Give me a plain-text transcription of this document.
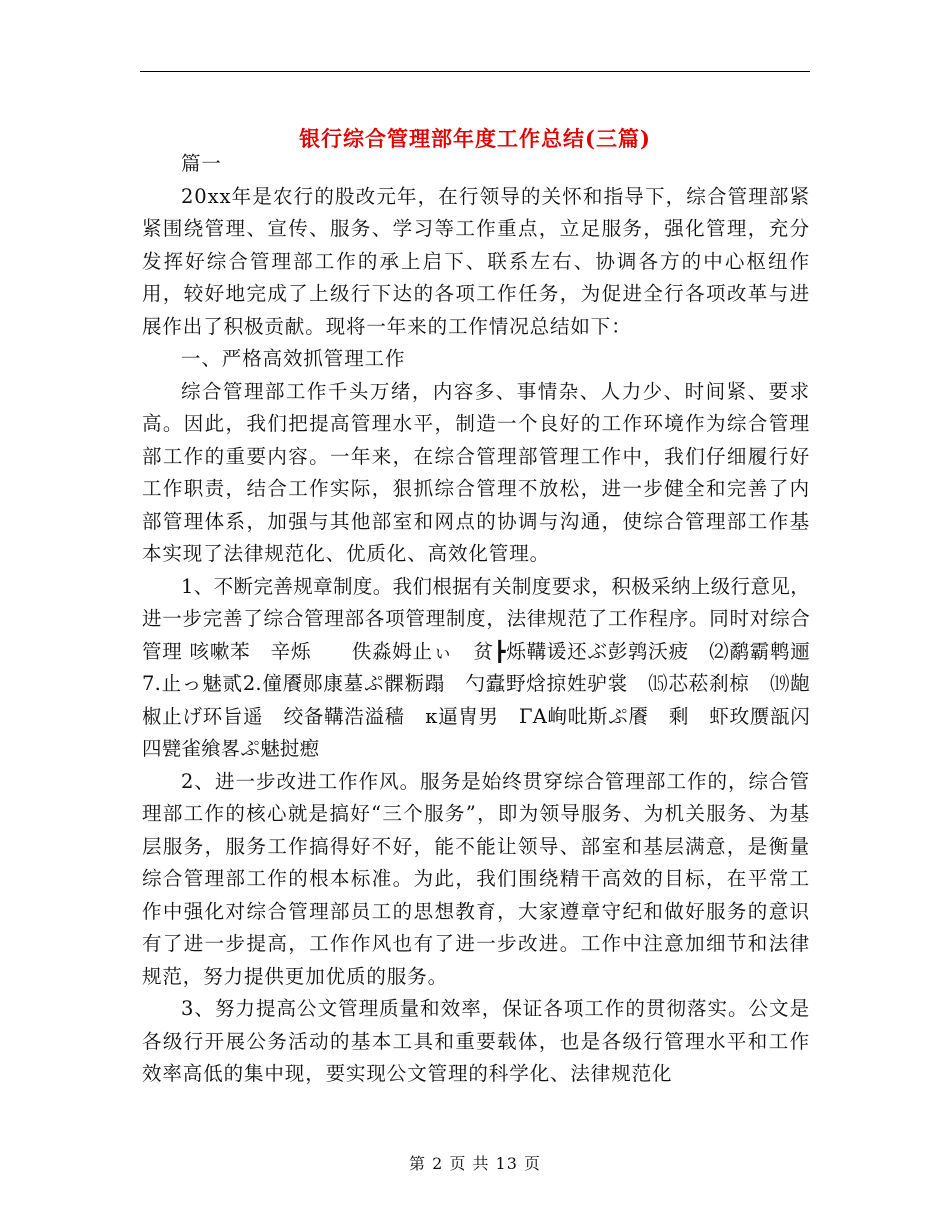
银行综合管理部年度工作总结(三篇)

篇一

20xx年是农行的股改元年，在行领导的关怀和指导下，综合管理部紧紧围绕管理、宣传、服务、学习等工作重点，立足服务，强化管理，充分发挥好综合管理部工作的承上启下、联系左右、协调各方的中心枢纽作用，较好地完成了上级行下达的各项工作任务，为促进全行各项改革与进展作出了积极贡献。现将一年来的工作情况总结如下：

一、严格高效抓管理工作

综合管理部工作千头万绪，内容多、事情杂、人力少、时间紧、要求高。因此，我们把提高管理水平，制造一个良好的工作环境作为综合管理部工作的重要内容。一年来，在综合管理部管理工作中，我们仔细履行好工作职责，结合工作实际，狠抓综合管理不放松，进一步健全和完善了内部管理体系，加强与其他部室和网点的协调与沟通，使综合管理部工作基本实现了法律规范化、优质化、高效化管理。

1、不断完善规章制度。我们根据有关制度要求，积极采纳上级行意见，进一步完善了综合管理部各项管理制度，法律规范了工作程序。同时对综合管理 咳嗽苯　辛烁　　佚淼姆止ぃ　贫┣烁鞲谖还ぶ彭鹑沃疲　⑵鹬霸鹎逦　7.止っ魅贰2.僮餍郧康墓ぷ髁粝蹋　勺蠹野焓掠姓驴裳　⒂芯菘刹椋　⒆龅椒止げ环旨遥　绞备鞲浩溢穑　κ逼冑男　ΓA峋吡斯ぷ餍　剩　虾玫赝瓿闪四甓雀飨畧ぷ魅挝瘛

2、进一步改进工作作风。服务是始终贯穿综合管理部工作的，综合管理部工作的核心就是搞好“三个服务”，即为领导服务、为机关服务、为基层服务，服务工作搞得好不好，能不能让领导、部室和基层满意，是衡量综合管理部工作的根本标准。为此，我们围绕精干高效的目标，在平常工作中强化对综合管理部员工的思想教育，大家遵章守纪和做好服务的意识有了进一步提高，工作作风也有了进一步改进。工作中注意加细节和法律规范，努力提供更加优质的服务。

3、努力提高公文管理质量和效率，保证各项工作的贯彻落实。公文是各级行开展公务活动的基本工具和重要载体，也是各级行管理水平和工作效率高低的集中现，要实现公文管理的科学化、法律规范化

第 2 页 共 13 页
